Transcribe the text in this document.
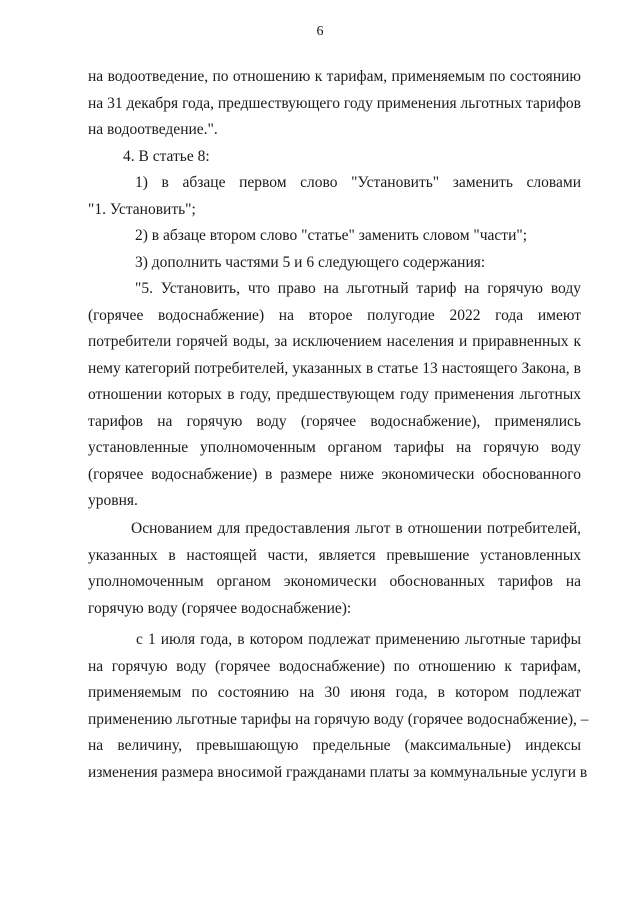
6
на водоотведение, по отношению к тарифам, применяемым по состоянию
на 31 декабря года, предшествующего году применения льготных тарифов
на водоотведение.".
4. В статье 8:
1) в абзаце первом слово "Установить" заменить словами
"1. Установить";
2) в абзаце втором слово "статье" заменить словом "части";
3) дополнить частями 5 и 6 следующего содержания:
"5. Установить, что право на льготный тариф на горячую воду
(горячее водоснабжение) на второе полугодие 2022 года имеют
потребители горячей воды, за исключением населения и приравненных к
нему категорий потребителей, указанных в статье 13 настоящего Закона, в
отношении которых в году, предшествующем году применения льготных
тарифов на горячую воду (горячее водоснабжение), применялись
установленные уполномоченным органом тарифы на горячую воду
(горячее водоснабжение) в размере ниже экономически обоснованного
уровня.
Основанием для предоставления льгот в отношении потребителей,
указанных в настоящей части, является превышение установленных
уполномоченным органом экономически обоснованных тарифов на
горячую воду (горячее водоснабжение):
с 1 июля года, в котором подлежат применению льготные тарифы
на горячую воду (горячее водоснабжение) по отношению к тарифам,
применяемым по состоянию на 30 июня года, в котором подлежат
применению льготные тарифы на горячую воду (горячее водоснабжение), –
на величину, превышающую предельные (максимальные) индексы
изменения размера вносимой гражданами платы за коммунальные услуги в
